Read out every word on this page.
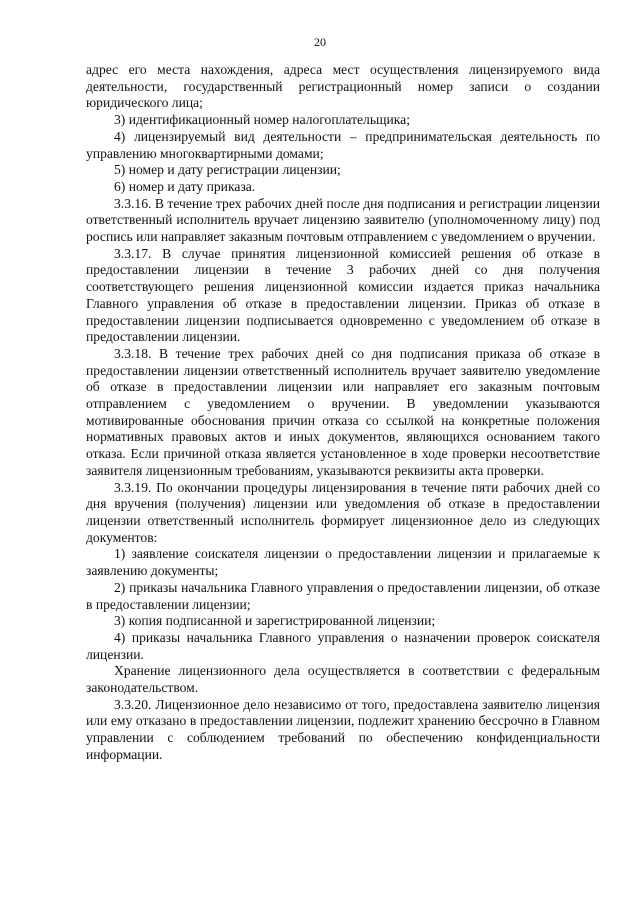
20

адрес его места нахождения, адреса мест осуществления лицензируемого вида деятельности, государственный регистрационный номер записи о создании юридического лица;

3) идентификационный номер налогоплательщика;

4) лицензируемый вид деятельности – предпринимательская деятельность по управлению многоквартирными домами;

5) номер и дату регистрации лицензии;

6) номер и дату приказа.

3.3.16. В течение трех рабочих дней после дня подписания и регистрации лицензии ответственный исполнитель вручает лицензию заявителю (уполномоченному лицу) под роспись или направляет заказным почтовым отправлением с уведомлением о вручении.

3.3.17. В случае принятия лицензионной комиссией решения об отказе в предоставлении лицензии в течение 3 рабочих дней со дня получения соответствующего решения лицензионной комиссии издается приказ начальника Главного управления об отказе в предоставлении лицензии. Приказ об отказе в предоставлении лицензии подписывается одновременно с уведомлением об отказе в предоставлении лицензии.

3.3.18. В течение трех рабочих дней со дня подписания приказа об отказе в предоставлении лицензии ответственный исполнитель вручает заявителю уведомление об отказе в предоставлении лицензии или направляет его заказным почтовым отправлением с уведомлением о вручении. В уведомлении указываются мотивированные обоснования причин отказа со ссылкой на конкретные положения нормативных правовых актов и иных документов, являющихся основанием такого отказа. Если причиной отказа является установленное в ходе проверки несоответствие заявителя лицензионным требованиям, указываются реквизиты акта проверки.

3.3.19. По окончании процедуры лицензирования в течение пяти рабочих дней со дня вручения (получения) лицензии или уведомления об отказе в предоставлении лицензии ответственный исполнитель формирует лицензионное дело из следующих документов:

1) заявление соискателя лицензии о предоставлении лицензии и прилагаемые к заявлению документы;

2) приказы начальника Главного управления о предоставлении лицензии, об отказе в предоставлении лицензии;

3) копия подписанной и зарегистрированной лицензии;

4) приказы начальника Главного управления о назначении проверок соискателя лицензии.

Хранение лицензионного дела осуществляется в соответствии с федеральным законодательством.

3.3.20. Лицензионное дело независимо от того, предоставлена заявителю лицензия или ему отказано в предоставлении лицензии, подлежит хранению бессрочно в Главном управлении с соблюдением требований по обеспечению конфиденциальности информации.
